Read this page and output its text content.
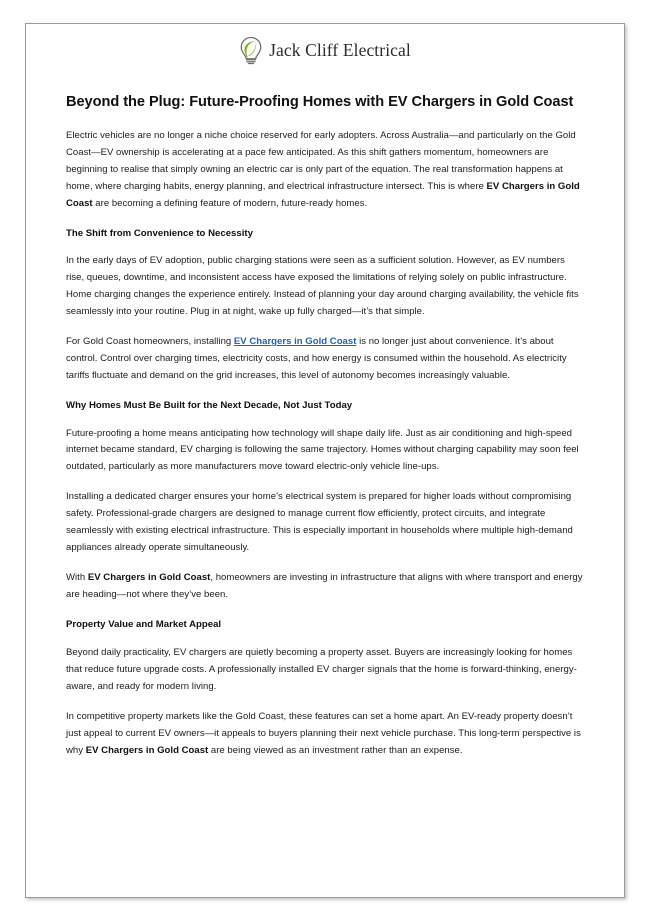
Jack Cliff Electrical
Beyond the Plug: Future-Proofing Homes with EV Chargers in Gold Coast

Electric vehicles are no longer a niche choice reserved for early adopters. Across Australia—and particularly on the Gold Coast—EV ownership is accelerating at a pace few anticipated. As this shift gathers momentum, homeowners are beginning to realise that simply owning an electric car is only part of the equation. The real transformation happens at home, where charging habits, energy planning, and electrical infrastructure intersect. This is where EV Chargers in Gold Coast are becoming a defining feature of modern, future-ready homes.

The Shift from Convenience to Necessity

In the early days of EV adoption, public charging stations were seen as a sufficient solution. However, as EV numbers rise, queues, downtime, and inconsistent access have exposed the limitations of relying solely on public infrastructure. Home charging changes the experience entirely. Instead of planning your day around charging availability, the vehicle fits seamlessly into your routine. Plug in at night, wake up fully charged—it’s that simple.

For Gold Coast homeowners, installing EV Chargers in Gold Coast is no longer just about convenience. It’s about control. Control over charging times, electricity costs, and how energy is consumed within the household. As electricity tariffs fluctuate and demand on the grid increases, this level of autonomy becomes increasingly valuable.

Why Homes Must Be Built for the Next Decade, Not Just Today

Future-proofing a home means anticipating how technology will shape daily life. Just as air conditioning and high-speed internet became standard, EV charging is following the same trajectory. Homes without charging capability may soon feel outdated, particularly as more manufacturers move toward electric-only vehicle line-ups.

Installing a dedicated charger ensures your home’s electrical system is prepared for higher loads without compromising safety. Professional-grade chargers are designed to manage current flow efficiently, protect circuits, and integrate seamlessly with existing electrical infrastructure. This is especially important in households where multiple high-demand appliances already operate simultaneously.

With EV Chargers in Gold Coast, homeowners are investing in infrastructure that aligns with where transport and energy are heading—not where they’ve been.

Property Value and Market Appeal

Beyond daily practicality, EV chargers are quietly becoming a property asset. Buyers are increasingly looking for homes that reduce future upgrade costs. A professionally installed EV charger signals that the home is forward-thinking, energy-aware, and ready for modern living.

In competitive property markets like the Gold Coast, these features can set a home apart. An EV-ready property doesn’t just appeal to current EV owners—it appeals to buyers planning their next vehicle purchase. This long-term perspective is why EV Chargers in Gold Coast are being viewed as an investment rather than an expense.
